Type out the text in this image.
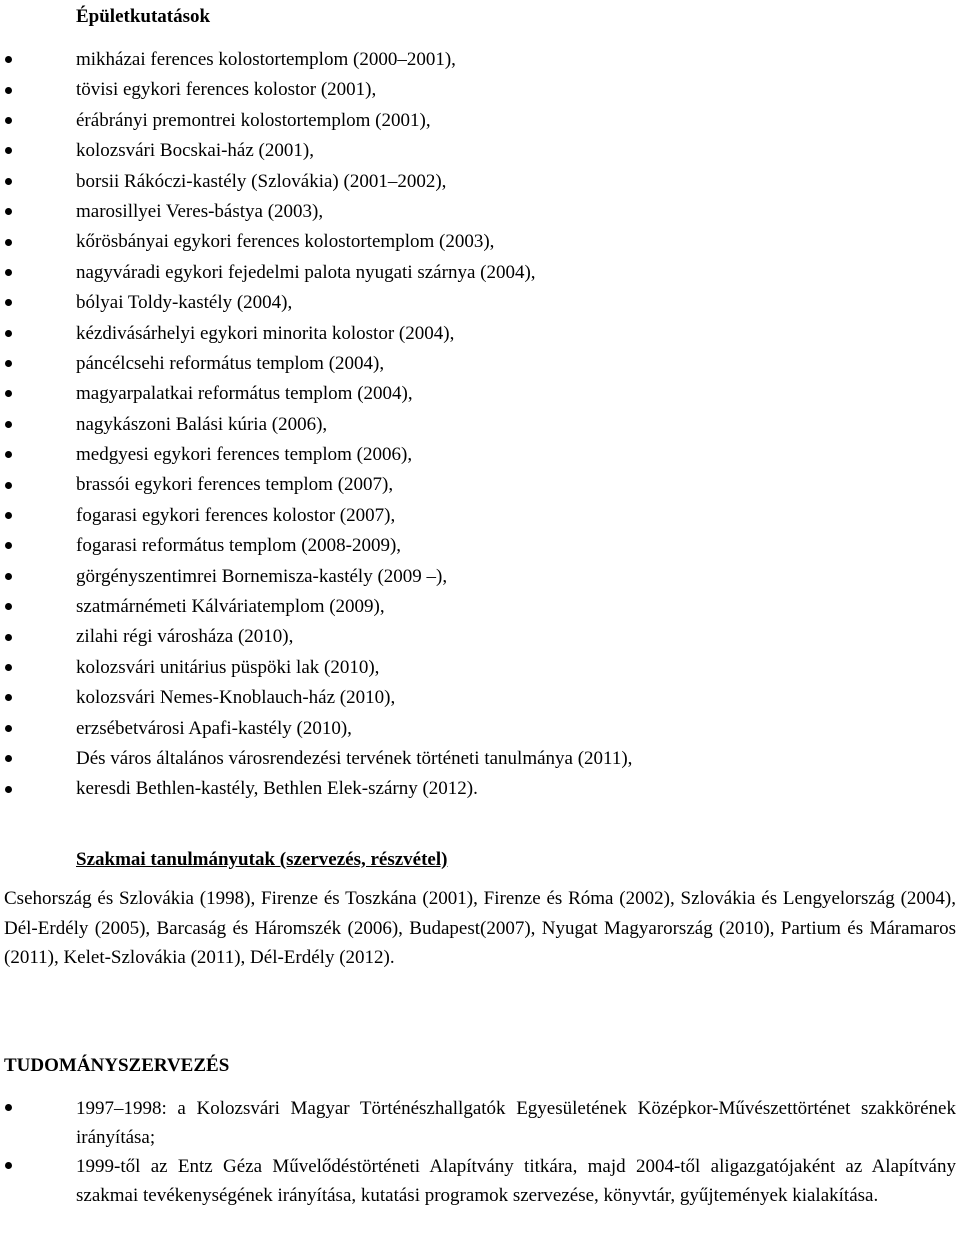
Épületkutatások
mikházai ferences kolostortemplom (2000–2001),
tövisi egykori ferences kolostor (2001),
érábrányi premontrei kolostortemplom (2001),
kolozsvári Bocskai-ház (2001),
borsii Rákóczi-kastély (Szlovákia) (2001–2002),
marosillyei Veres-bástya (2003),
kőrösbányai egykori ferences kolostortemplom (2003),
nagyváradi egykori fejedelmi palota nyugati szárnya (2004),
bólyai Toldy-kastély (2004),
kézdivásárhelyi egykori minorita kolostor (2004),
páncélcsehi református templom (2004),
magyarpalatkai református templom (2004),
nagykászoni Balási kúria (2006),
medgyesi egykori ferences templom (2006),
brassói egykori ferences templom (2007),
fogarasi egykori ferences kolostor (2007),
fogarasi református templom (2008-2009),
görgényszentimrei Bornemisza-kastély (2009 –),
szatmárnémeti Kálváriatemplom (2009),
zilahi régi városháza (2010),
kolozsvári unitárius püspöki lak (2010),
kolozsvári Nemes-Knoblauch-ház (2010),
erzsébetvárosi Apafi-kastély (2010),
Dés város általános városrendezési tervének történeti tanulmánya (2011),
keresdi Bethlen-kastély, Bethlen Elek-szárny (2012).
Szakmai tanulmányutak (szervezés, részvétel)

Csehország és Szlovákia (1998), Firenze és Toszkána (2001), Firenze és Róma (2002), Szlovákia és Lengyelország (2004), Dél-Erdély (2005), Barcaság és Háromszék (2006), Budapest(2007), Nyugat Magyarország (2010), Partium és Máramaros (2011), Kelet-Szlovákia (2011), Dél-Erdély (2012).

TUDOMÁNYSZERVEZÉS
1997–1998: a Kolozsvári Magyar Történészhallgatók Egyesületének Középkor-Művészettörténet szakkörének irányítása;
1999-től az Entz Géza Művelődéstörténeti Alapítvány titkára, majd 2004-től aligazgatójaként az Alapítvány szakmai tevékenységének irányítása, kutatási programok szervezése, könyvtár, gyűjtemények kialakítása.
